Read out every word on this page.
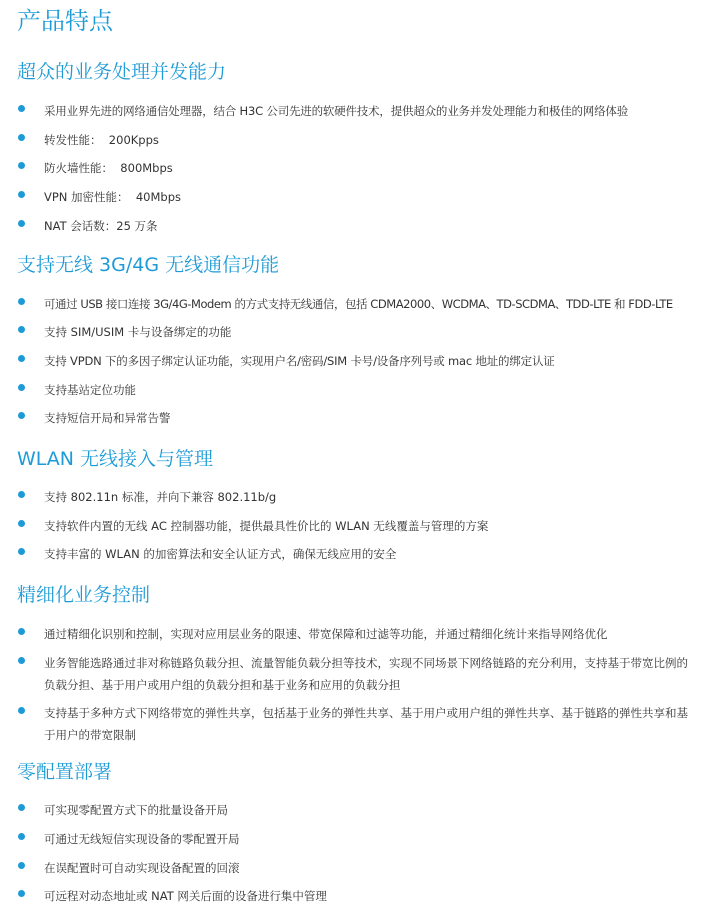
产品特点
超众的业务处理并发能力
采用业界先进的网络通信处理器，结合 H3C 公司先进的软硬件技术，提供超众的业务并发处理能力和极佳的网络体验
转发性能：  200Kpps
防火墙性能：  800Mbps
VPN 加密性能：  40Mbps
NAT 会话数：25 万条
支持无线 3G/4G 无线通信功能
可通过 USB 接口连接 3G/4G-Modem 的方式支持无线通信，包括 CDMA2000、WCDMA、TD-SCDMA、TDD-LTE 和 FDD-LTE
支持 SIM/USIM 卡与设备绑定的功能
支持 VPDN 下的多因子绑定认证功能，实现用户名/密码/SIM 卡号/设备序列号或 mac 地址的绑定认证
支持基站定位功能
支持短信开局和异常告警
WLAN 无线接入与管理
支持 802.11n 标准，并向下兼容 802.11b/g
支持软件内置的无线 AC 控制器功能，提供最具性价比的 WLAN 无线覆盖与管理的方案
支持丰富的 WLAN 的加密算法和安全认证方式，确保无线应用的安全
精细化业务控制
通过精细化识别和控制，实现对应用层业务的限速、带宽保障和过滤等功能，并通过精细化统计来指导网络优化
业务智能选路通过非对称链路负载分担、流量智能负载分担等技术，实现不同场景下网络链路的充分利用，支持基于带宽比例的负载分担、基于用户或用户组的负载分担和基于业务和应用的负载分担
支持基于多种方式下网络带宽的弹性共享，包括基于业务的弹性共享、基于用户或用户组的弹性共享、基于链路的弹性共享和基于用户的带宽限制
零配置部署
可实现零配置方式下的批量设备开局
可通过无线短信实现设备的零配置开局
在误配置时可自动实现设备配置的回滚
可远程对动态地址或 NAT 网关后面的设备进行集中管理
